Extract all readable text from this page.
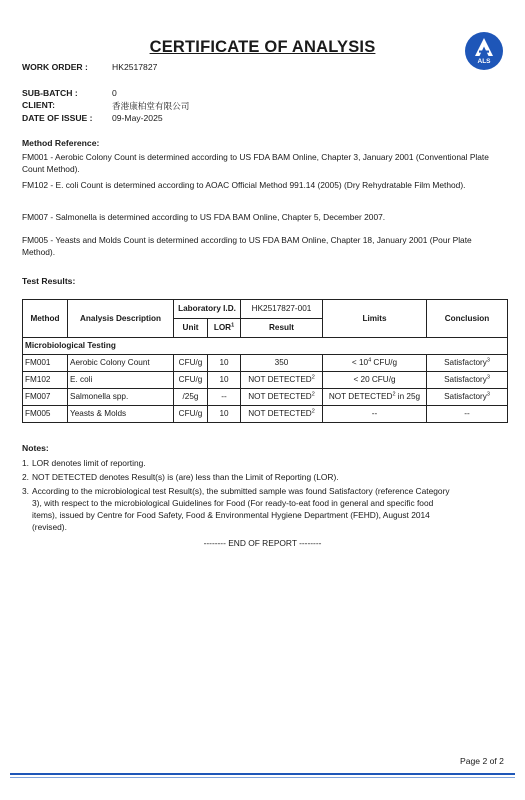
CERTIFICATE OF ANALYSIS
ALS
WORK ORDER :	HK2517827
SUB-BATCH :	0
CLIENT:	香港康柏堂有限公司
DATE OF ISSUE : 09-May-2025
Method Reference:
FM001 - Aerobic Colony Count is determined according to US FDA BAM Online, Chapter 3, January 2001 (Conventional Plate Count Method).
FM102 - E. coli Count is determined according to AOAC Official Method 991.14 (2005) (Dry Rehydratable Film Method).
FM007 - Salmonella is determined according to US FDA BAM Online, Chapter 5, December 2007.
FM005 - Yeasts and Molds Count is determined according to US FDA BAM Online, Chapter 18, January 2001 (Pour Plate Method).
Test Results:
Method	Analysis Description	Laboratory I.D.		HK2517827-001	Limits	Conclusion
		Unit	LOR$^1$	Result		
Microbiological Testing						
FM001	Aerobic Colony Count	CFU/g	10	350	< $10^4$ CFU/g	Satisfactory$^3$
FM102	E. coli	CFU/g	10	NOT $DETECTED^2$	< 20 CFU/g	Satisfactory$^3$
FM007	Salmonella spp.	/25g	--	NOT DETECTED$^2$	NOT DETECTED$^2$ in 25g	Satisfactory$^3$
FM005	Yeasts & Molds	CFU/g	10	NOT DETECTED$^2$	--	--
Notes:
1. LOR denotes limit of reporting.
2. NOT DETECTED denotes Result(s) is (are) less than the Limit of Reporting (LOR).
3. According to the microbiological test Result(s), the submitted sample was found Satisfactory (reference Category 3), with respect to the microbiological Guidelines for Food (For ready-to-eat food in general and specific food items), issued by Centre for Food Safety, Food & Environmental Hygiene Department (FEHD), August 2014 (revised).
-------- END OF REPORT --------
Page 2 of 2
